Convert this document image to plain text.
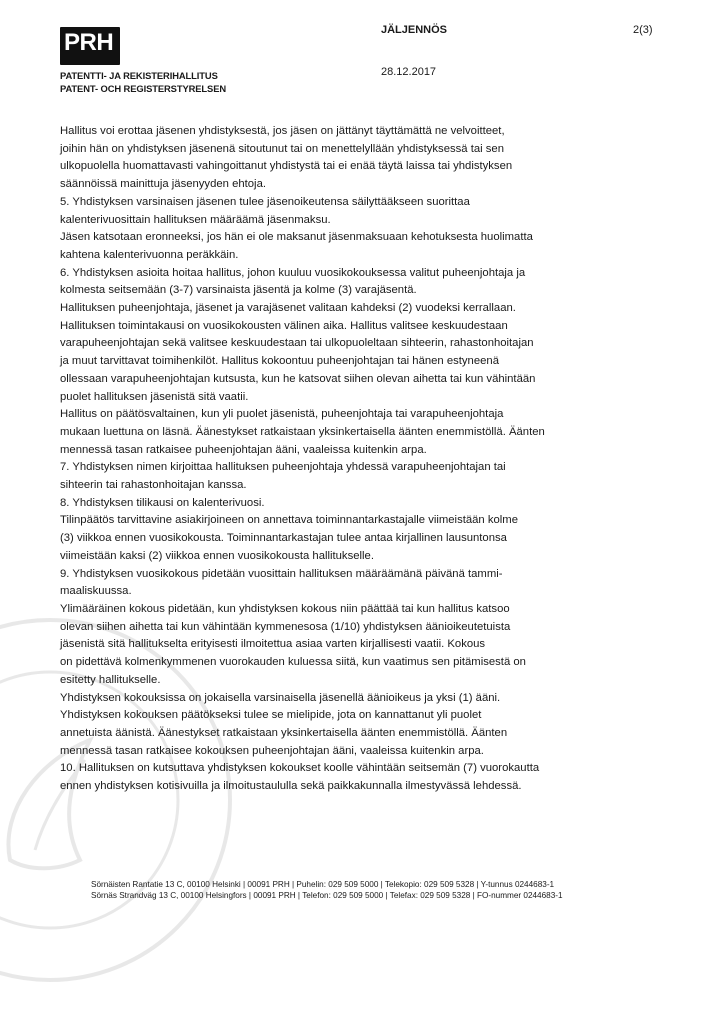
PRH
PATENTTI- JA REKISTERIHALLITUS
PATENT- OCH REGISTERSTYRELSEN
JÄLJENNÖS	2(3)
28.12.2017
Hallitus voi erottaa jäsenen yhdistyksestä, jos jäsen on jättänyt täyttämättä ne velvoitteet,
joihin hän on yhdistyksen jäsenenä sitoutunut tai on menettelyllään yhdistyksessä tai sen
ulkopuolella huomattavasti vahingoittanut yhdistystä tai ei enää täytä laissa tai yhdistyksen
säännöissä mainittuja jäsenyyden ehtoja.
5. Yhdistyksen varsinaisen jäsenen tulee jäsenoikeutensa säilyttääkseen suorittaa
kalenterivuosittain hallituksen määräämä jäsenmaksu.
Jäsen katsotaan eronneeksi, jos hän ei ole maksanut jäsenmaksuaan kehotuksesta huolimatta
kahtena kalenterivuonna peräkkäin.
6. Yhdistyksen asioita hoitaa hallitus, johon kuuluu vuosikokouksessa valitut puheenjohtaja ja
kolmesta seitsemään (3-7) varsinaista jäsentä ja kolme (3) varajäsentä.
Hallituksen puheenjohtaja, jäsenet ja varajäsenet valitaan kahdeksi (2) vuodeksi kerrallaan.
Hallituksen toimintakausi on vuosikokousten välinen aika. Hallitus valitsee keskuudestaan
varapuheenjohtajan sekä valitsee keskuudestaan tai ulkopuoleltaan sihteerin, rahastonhoitajan
ja muut tarvittavat toimihenkilöt. Hallitus kokoontuu puheenjohtajan tai hänen estyneenä
ollessaan varapuheenjohtajan kutsusta, kun he katsovat siihen olevan aihetta tai kun vähintään
puolet hallituksen jäsenistä sitä vaatii.
Hallitus on päätösvaltainen, kun yli puolet jäsenistä, puheenjohtaja tai varapuheenjohtaja
mukaan luettuna on läsnä. Äänestykset ratkaistaan yksinkertaisella äänten enemmistöllä. Äänten
mennessä tasan ratkaisee puheenjohtajan ääni, vaaleissa kuitenkin arpa.
7. Yhdistyksen nimen kirjoittaa hallituksen puheenjohtaja yhdessä varapuheenjohtajan tai
sihteerin tai rahastonhoitajan kanssa.
8. Yhdistyksen tilikausi on kalenterivuosi.
Tilinpäätös tarvittavine asiakirjoineen on annettava toiminnantarkastajalle viimeistään kolme
(3) viikkoa ennen vuosikokousta. Toiminnantarkastajan tulee antaa kirjallinen lausuntonsa
viimeistään kaksi (2) viikkoa ennen vuosikokousta hallitukselle.
9. Yhdistyksen vuosikokous pidetään vuosittain hallituksen määräämänä päivänä tammi-
maaliskuussa.
Ylimääräinen kokous pidetään, kun yhdistyksen kokous niin päättää tai kun hallitus katsoo
olevan siihen aihetta tai kun vähintään kymmenesosa (1/10) yhdistyksen äänioikeutetuista
jäsenistä sitä hallitukselta erityisesti ilmoitettua asiaa varten kirjallisesti vaatii. Kokous
on pidettävä kolmenkymmenen vuorokauden kuluessa siitä, kun vaatimus sen pitämisestä on
esitetty hallitukselle.
Yhdistyksen kokouksissa on jokaisella varsinaisella jäsenellä äänioikeus ja yksi (1) ääni.
Yhdistyksen kokouksen päätökseksi tulee se mielipide, jota on kannattanut yli puolet
annetuista äänistä. Äänestykset ratkaistaan yksinkertaisella äänten enemmistöllä. Äänten
mennessä tasan ratkaisee kokouksen puheenjohtajan ääni, vaaleissa kuitenkin arpa.
10. Hallituksen on kutsuttava yhdistyksen kokoukset koolle vähintään seitsemän (7) vuorokautta
ennen yhdistyksen kotisivuilla ja ilmoitustaululla sekä paikkakunnalla ilmestyvässä lehdessä.
Sörnäisten Rantatie 13 C, 00100 Helsinki | 00091 PRH | Puhelin: 029 509 5000 | Telekopio: 029 509 5328 | Y-tunnus 0244683-1
Sörnäs Strandväg 13 C, 00100 Helsingfors | 00091 PRH | Telefon: 029 509 5000 | Telefax: 029 509 5328 | FO-nummer 0244683-1
